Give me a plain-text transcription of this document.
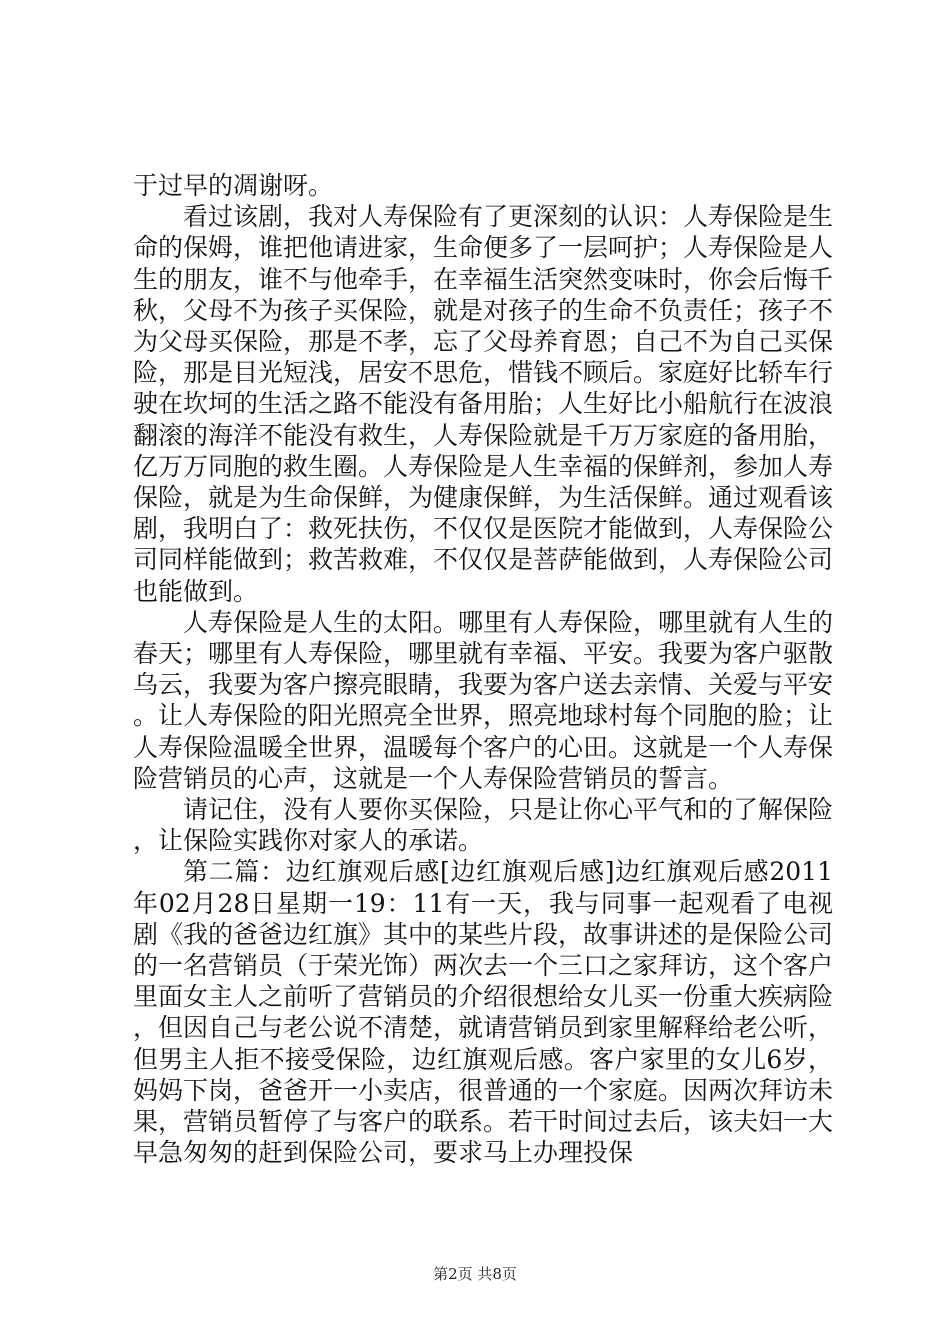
于过早的凋谢呀。

看过该剧，我对人寿保险有了更深刻的认识：人寿保险是生命的保姆，谁把他请进家，生命便多了一层呵护；人寿保险是人生的朋友，谁不与他牵手，在幸福生活突然变味时，你会后悔千秋，父母不为孩子买保险，就是对孩子的生命不负责任；孩子不为父母买保险，那是不孝，忘了父母养育恩；自己不为自己买保险，那是目光短浅，居安不思危，惜钱不顾后。家庭好比轿车行驶在坎坷的生活之路不能没有备用胎；人生好比小船航行在波浪翻滚的海洋不能没有救生，人寿保险就是千万万家庭的备用胎，亿万万同胞的救生圈。人寿保险是人生幸福的保鲜剂，参加人寿保险，就是为生命保鲜，为健康保鲜，为生活保鲜。通过观看该剧，我明白了：救死扶伤，不仅仅是医院才能做到，人寿保险公司同样能做到；救苦救难，不仅仅是菩萨能做到，人寿保险公司也能做到。

人寿保险是人生的太阳。哪里有人寿保险，哪里就有人生的春天；哪里有人寿保险，哪里就有幸福、平安。我要为客户驱散乌云，我要为客户擦亮眼睛，我要为客户送去亲情、关爱与平安。让人寿保险的阳光照亮全世界，照亮地球村每个同胞的脸；让人寿保险温暖全世界，温暖每个客户的心田。这就是一个人寿保险营销员的心声，这就是一个人寿保险营销员的誓言。

请记住，没有人要你买保险，只是让你心平气和的了解保险，让保险实践你对家人的承诺。

第二篇：边红旗观后感[边红旗观后感]边红旗观后感2011年02月28日星期一19：11有一天，我与同事一起观看了电视剧《我的爸爸边红旗》其中的某些片段，故事讲述的是保险公司的一名营销员（于荣光饰）两次去一个三口之家拜访，这个客户里面女主人之前听了营销员的介绍很想给女儿买一份重大疾病险，但因自己与老公说不清楚，就请营销员到家里解释给老公听，但男主人拒不接受保险，边红旗观后感。客户家里的女儿6岁，妈妈下岗，爸爸开一小卖店，很普通的一个家庭。因两次拜访未果，营销员暂停了与客户的联系。若干时间过去后，该夫妇一大早急匆匆的赶到保险公司，要求马上办理投保

第2页 共8页
